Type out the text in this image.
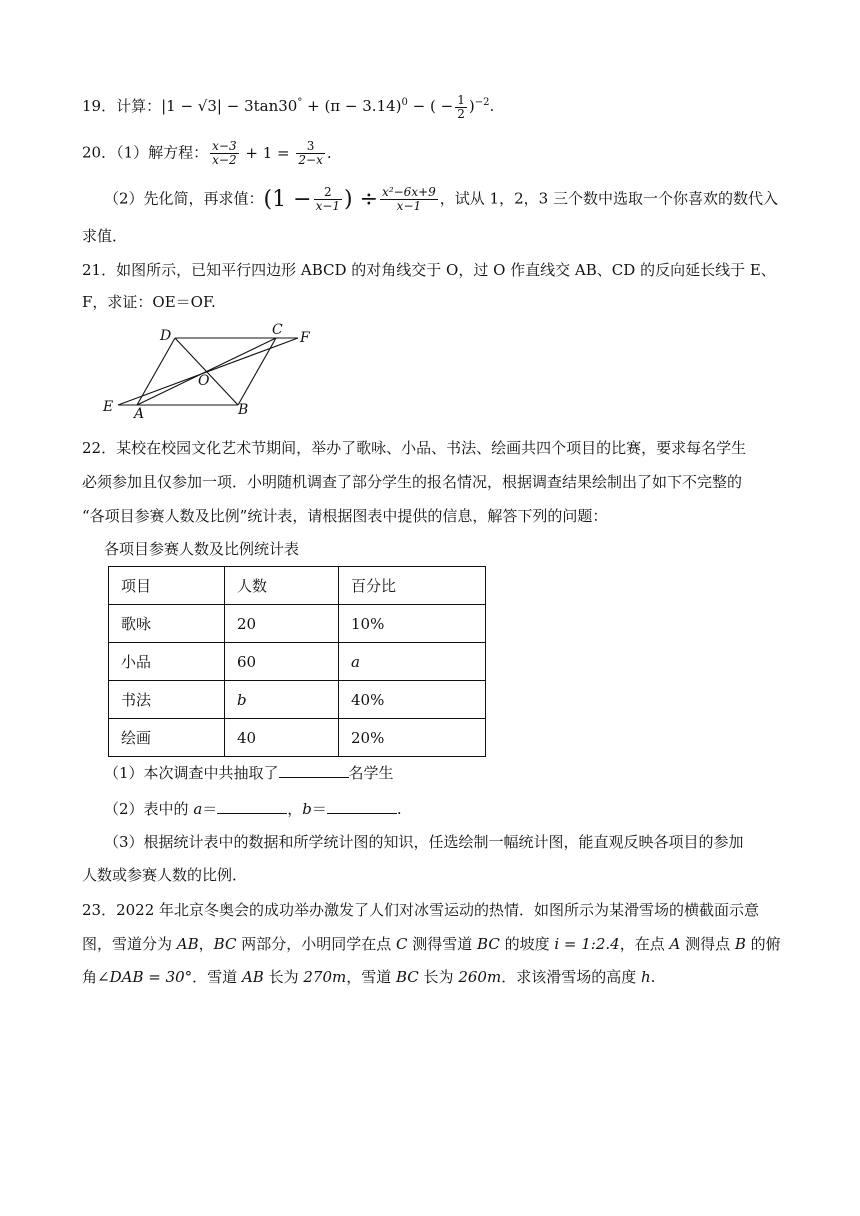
19．计算：$|1 - √3| - 3\tan 30^\circ + (\pi - 3.14)^0$ − ( − $\frac{1}{2} )^{-2}$.
20．（1）解方程： $\frac{x-3}{x-2} + 1 = \frac{3}{2-x}$ .
（2）先化简，再求值：($1 - \frac{2}{x-1}$ ) ÷ $\frac{\text{x²−6x+9}}{x-1}$ ，试从 1，2，3 三个数中选取一个你喜欢的数代入
求值．
21．如图所示，已知平行四边形 ABCD 的对角线交于 O，过 O 作直线交 AB、CD 的反向延长线于 E、
F，求证：OE＝OF.
D	C F
O
E A	B
22．某校在校园文化艺术节期间，举办了歌咏、小品、书法、绘画共四个项目的比赛，要求每名学生
必须参加且仅参加一项．小明随机调查了部分学生的报名情况，根据调查结果绘制出了如下不完整的
“各项目参赛人数及比例”统计表，请根据图表中提供的信息，解答下列的问题：
各项目参赛人数及比例统计表
项目	人数	百分比
歌咏	20	10%
小品	60	a
书法	b	40%
绘画	40	20%
（1）本次调查中共抽取了	名学生
（2）表中的 a＝	，b＝	.
（3）根据统计表中的数据和所学统计图的知识，任选绘制一幅统计图，能直观反映各项目的参加
人数或参赛人数的比例．
23．2022 年北京冬奥会的成功举办激发了人们对冰雪运动的热情．如图所示为某滑雪场的横截面示意
图，雪道分为 AB，BC 两部分，小明同学在点 C 测得雪道 BC 的坡度 i = 1:2.4，在点 A 测得点 B 的俯
角∠DAB = 30°．雪道 AB 长为 270m，雪道 BC 长为 260m．求该滑雪场的高度 h.
